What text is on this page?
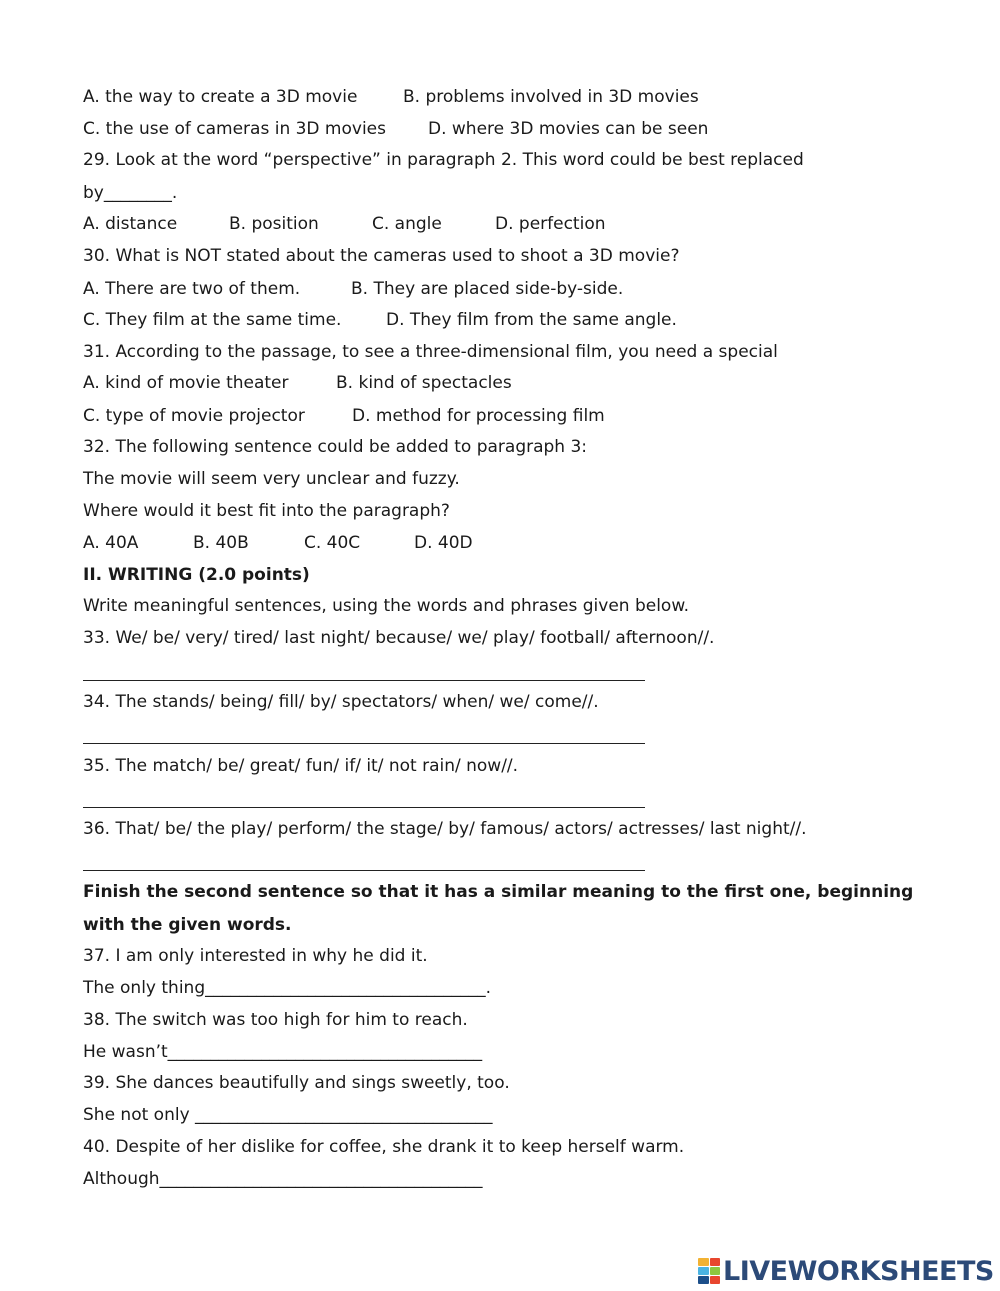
A. the way to create a 3D movie	B. problems involved in 3D movies
C. the use of cameras in 3D movies D. where 3D movies can be seen
29. Look at the word “perspective” in paragraph 2. This word could be best replaced
by________.
A. distance	B. position	C. angle	D. perfection
30. What is NOT stated about the cameras used to shoot a 3D movie?
A. There are two of them.	B. They are placed side-by-side.
C. They film at the same time.	D. They film from the same angle.
31. According to the passage, to see a three-dimensional film, you need a special
A. kind of movie theater	B. kind of spectacles
C. type of movie projector	D. method for processing film
32. The following sentence could be added to paragraph 3:
The movie will seem very unclear and fuzzy.
Where would it best fit into the paragraph?
A. 40A	B. 40B	C. 40C	D. 40D
II. WRITING (2.0 points)
Write meaningful sentences, using the words and phrases given below.
33. We/ be/ very/ tired/ last night/ because/ we/ play/ football/ afternoon//.
34. The stands/ being/ fill/ by/ spectators/ when/ we/ come//.
35. The match/ be/ great/ fun/ if/ it/ not rain/ now//.
36. That/ be/ the play/ perform/ the stage/ by/ famous/ actors/ actresses/ last night//.
Finish the second sentence so that it has a similar meaning to the first one, beginning
with the given words.
37. I am only interested in why he did it.
The only thing_________________________________.
38. The switch was too high for him to reach.
He wasn’t_____________________________________
39. She dances beautifully and sings sweetly, too.
She not only ___________________________________
40. Despite of her dislike for coffee, she drank it to keep herself warm.
Although______________________________________
LIVEWORKSHEETS
